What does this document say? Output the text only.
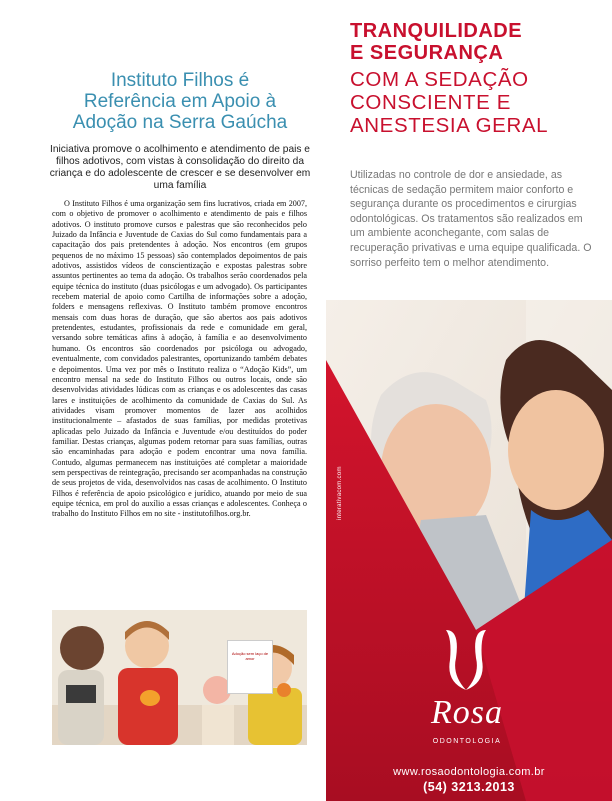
Instituto Filhos é
Referência em Apoio à
Adoção na Serra Gaúcha

Iniciativa promove o acolhimento e atendimento de pais e filhos adotivos, com vistas à consolidação do direito da criança e do adolescente de crescer e se desenvolver em uma família

O Instituto Filhos é uma organização sem fins lucrativos, criada em 2007, com o objetivo de promover o acolhimento e atendimento de pais e filhos adotivos. O instituto promove cursos e palestras que são reconhecidos pelo Juizado da Infância e Juventude de Caxias do Sul como fundamentais para a capacitação dos pais pretendentes à adoção. Nos encontros (em grupos pequenos de no máximo 15 pessoas) são contemplados depoimentos de pais adotivos, assistidos vídeos de conscientização e expostas palestras sobre assuntos pertinentes ao tema da adoção. Os trabalhos serão coordenados pela equipe técnica do instituto (duas psicólogas e um advogado). Os participantes recebem material de apoio como Cartilha de informações sobre a adoção, folders e mensagens reflexivas. O Instituto também promove encontros mensais com duas horas de duração, que são abertos aos pais adotivos pretendentes, estudantes, profissionais da rede e comunidade em geral, versando sobre temáticas afins à adoção, à família e ao desenvolvimento humano. Os encontros são coordenados por psicóloga ou advogado, eventualmente, com convidados palestrantes, oportunizando também debates e depoimentos. Uma vez por mês o Instituto realiza o “Adoção Kids”, um encontro mensal na sede do Instituto Filhos ou outros locais, onde são desenvolvidas atividades lúdicas com as crianças e os adolescentes das casas lares e instituições de acolhimento da comunidade de Caxias do Sul. As atividades visam promover momentos de lazer aos acolhidos institucionalmente – afastados de suas famílias, por medidas protetivas aplicadas pelo Juizado da Infância e Juventude e/ou destituídos do poder familiar. Destas crianças, algumas podem retornar para suas famílias, outras são encaminhadas para adoção e podem encontrar uma nova família. Contudo, algumas permanecem nas instituições até completar a maioridade sem perspectivas de reintegração, precisando ser acompanhadas na construção de seus projetos de vida, desenvolvidos nas casas de acolhimento. O Instituto Filhos é referência de apoio psicológico e jurídico, atuando por meio de sua equipe técnica, em prol do auxílio a essas crianças e adolescentes. Conheça o trabalho do Instituto Filhos em no site - institutofilhos.org.br.

Adoção sem laço de amor
TRANQUILIDADE
E SEGURANÇA
COM A SEDAÇÃO
CONSCIENTE E
ANESTESIA GERAL

Utilizadas no controle de dor e ansiedade, as técnicas de sedação permitem maior conforto e segurança durante os procedimentos e cirurgias odontológicas. Os tratamentos são realizados em um ambiente aconchegante, com salas de recuperação privativas e uma equipe qualificada. O sorriso perfeito tem o melhor atendimento.

interativacom.com
Rosa
ODONTOLOGIA
www.rosaodontologia.com.br
(54) 3213.2013
